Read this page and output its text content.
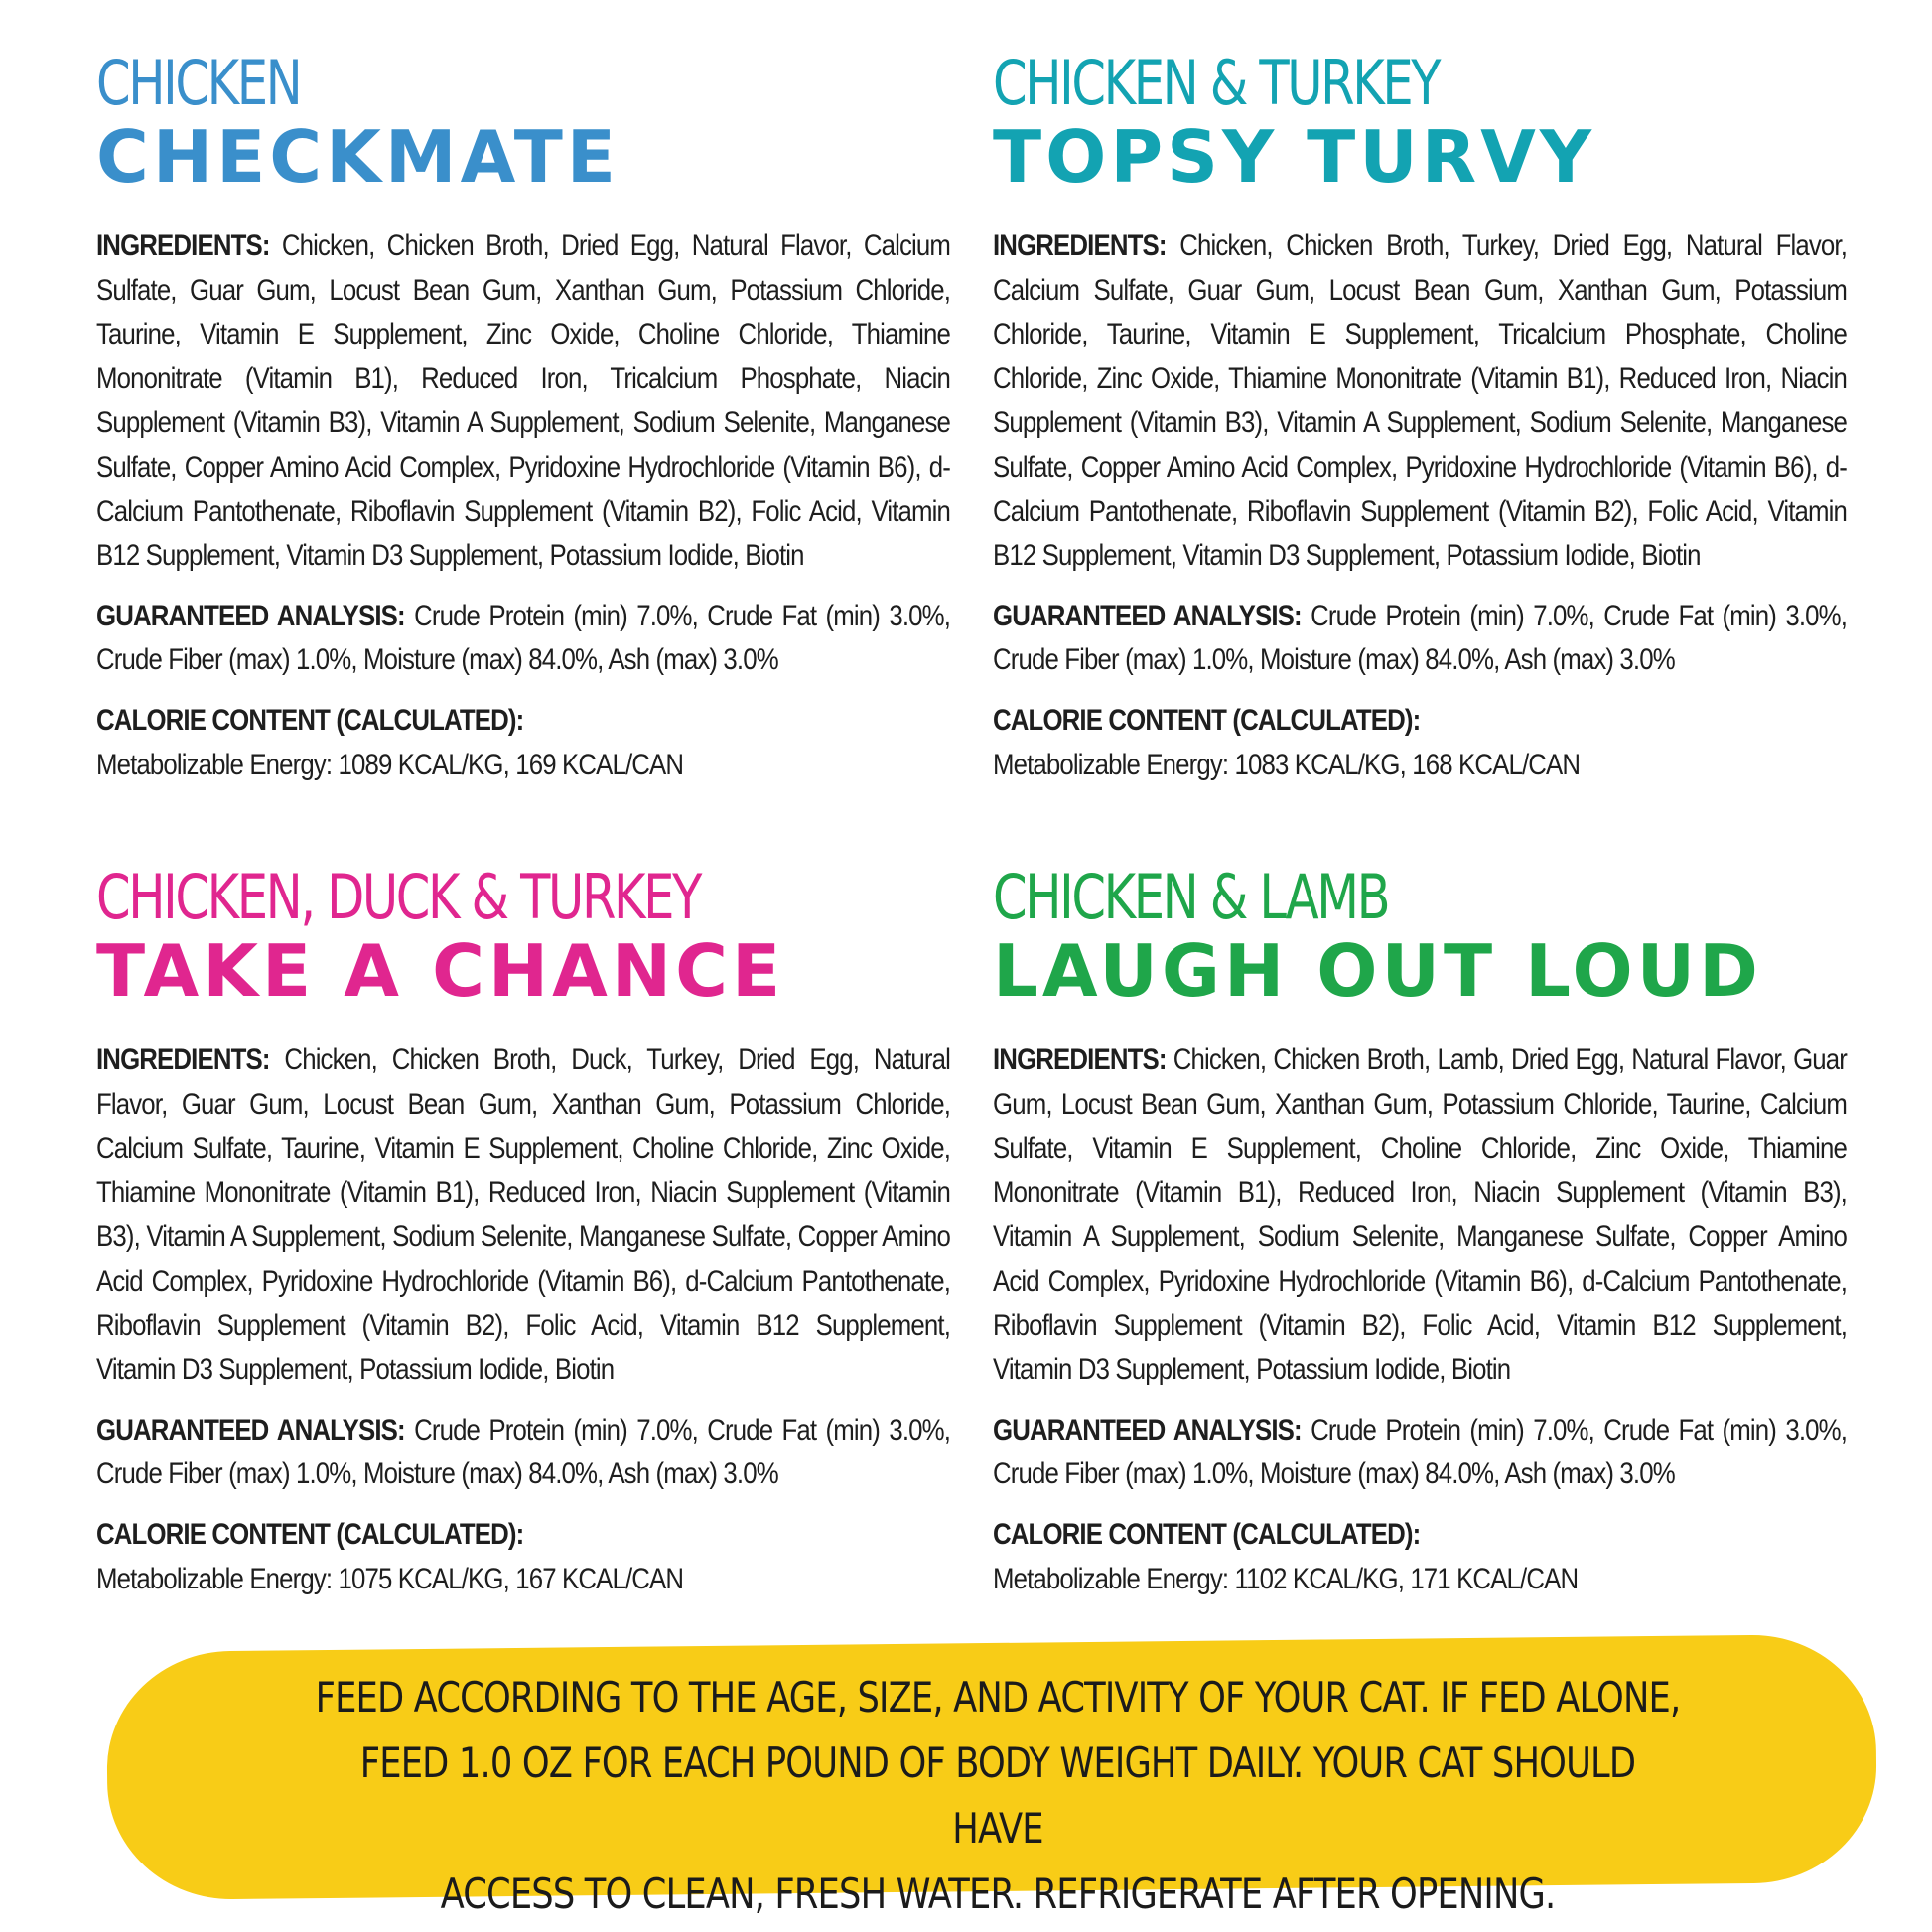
CHICKEN
CHECKMATE

INGREDIENTS: Chicken, Chicken Broth, Dried Egg, Natural Flavor, Calcium Sulfate, Guar Gum, Locust Bean Gum, Xanthan Gum, Potassium Chloride, Taurine, Vitamin E Supplement, Zinc Oxide, Choline Chloride, Thiamine Mononitrate (Vitamin B1), Reduced Iron, Tricalcium Phosphate, Niacin Supplement (Vitamin B3), Vitamin A Supplement, Sodium Selenite, Manganese Sulfate, Copper Amino Acid Complex, Pyridoxine Hydrochloride (Vitamin B6), d-Calcium Pantothenate, Riboflavin Supplement (Vitamin B2), Folic Acid, Vitamin B12 Supplement, Vitamin D3 Supplement, Potassium Iodide, Biotin

GUARANTEED ANALYSIS: Crude Protein (min) 7.0%, Crude Fat (min) 3.0%, Crude Fiber (max) 1.0%, Moisture (max) 84.0%, Ash (max) 3.0%

CALORIE CONTENT (CALCULATED):
Metabolizable Energy: 1089 KCAL/KG, 169 KCAL/CAN

CHICKEN & TURKEY
TOPSY TURVY

INGREDIENTS: Chicken, Chicken Broth, Turkey, Dried Egg, Natural Flavor, Calcium Sulfate, Guar Gum, Locust Bean Gum, Xanthan Gum, Potassium Chloride, Taurine, Vitamin E Supplement, Tricalcium Phosphate, Choline Chloride, Zinc Oxide, Thiamine Mononitrate (Vitamin B1), Reduced Iron, Niacin Supplement (Vitamin B3), Vitamin A Supplement, Sodium Selenite, Manganese Sulfate, Copper Amino Acid Complex, Pyridoxine Hydrochloride (Vitamin B6), d-Calcium Pantothenate, Riboflavin Supplement (Vitamin B2), Folic Acid, Vitamin B12 Supplement, Vitamin D3 Supplement, Potassium Iodide, Biotin

GUARANTEED ANALYSIS: Crude Protein (min) 7.0%, Crude Fat (min) 3.0%, Crude Fiber (max) 1.0%, Moisture (max) 84.0%, Ash (max) 3.0%

CALORIE CONTENT (CALCULATED):
Metabolizable Energy: 1083 KCAL/KG, 168 KCAL/CAN

CHICKEN, DUCK & TURKEY
TAKE A CHANCE

INGREDIENTS: Chicken, Chicken Broth, Duck, Turkey, Dried Egg, Natural Flavor, Guar Gum, Locust Bean Gum, Xanthan Gum, Potassium Chloride, Calcium Sulfate, Taurine, Vitamin E Supplement, Choline Chloride, Zinc Oxide, Thiamine Mononitrate (Vitamin B1), Reduced Iron, Niacin Supplement (Vitamin B3), Vitamin A Supplement, Sodium Selenite, Manganese Sulfate, Copper Amino Acid Complex, Pyridoxine Hydrochloride (Vitamin B6), d-Calcium Pantothenate, Riboflavin Supplement (Vitamin B2), Folic Acid, Vitamin B12 Supplement, Vitamin D3 Supplement, Potassium Iodide, Biotin

GUARANTEED ANALYSIS: Crude Protein (min) 7.0%, Crude Fat (min) 3.0%, Crude Fiber (max) 1.0%, Moisture (max) 84.0%, Ash (max) 3.0%

CALORIE CONTENT (CALCULATED):
Metabolizable Energy: 1075 KCAL/KG, 167 KCAL/CAN

CHICKEN & LAMB
LAUGH OUT LOUD

INGREDIENTS: Chicken, Chicken Broth, Lamb, Dried Egg, Natural Flavor, Guar Gum, Locust Bean Gum, Xanthan Gum, Potassium Chloride, Taurine, Calcium Sulfate, Vitamin E Supplement, Choline Chloride, Zinc Oxide, Thiamine Mononitrate (Vitamin B1), Reduced Iron, Niacin Supplement (Vitamin B3), Vitamin A Supplement, Sodium Selenite, Manganese Sulfate, Copper Amino Acid Complex, Pyridoxine Hydrochloride (Vitamin B6), d-Calcium Pantothenate, Riboflavin Supplement (Vitamin B2), Folic Acid, Vitamin B12 Supplement, Vitamin D3 Supplement, Potassium Iodide, Biotin

GUARANTEED ANALYSIS: Crude Protein (min) 7.0%, Crude Fat (min) 3.0%, Crude Fiber (max) 1.0%, Moisture (max) 84.0%, Ash (max) 3.0%

CALORIE CONTENT (CALCULATED):
Metabolizable Energy: 1102 KCAL/KG, 171 KCAL/CAN

FEED ACCORDING TO THE AGE, SIZE, AND ACTIVITY OF YOUR CAT. IF FED ALONE,
FEED 1.0 OZ FOR EACH POUND OF BODY WEIGHT DAILY. YOUR CAT SHOULD HAVE
ACCESS TO CLEAN, FRESH WATER. REFRIGERATE AFTER OPENING.
